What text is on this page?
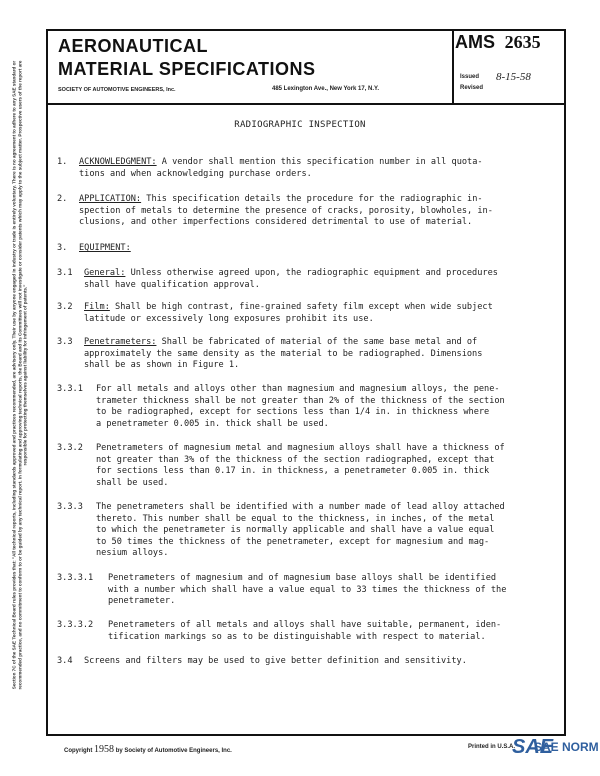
Section 7C of the SAE Technical Board rules provides that: "All technical reports, including standards approved and practices recommended, are advisory only. Their use by anyone engaged in industry or trade is entirely voluntary. There is no agreement to adhere to any SAE standard or recommended practice, and no commitment to conform to or be guided by any technical report. In formulating and approving technical reports, the Board and its Committees will not investigate or consider patents which may apply to the subject matter. Prospective users of the report are responsible for protecting themselves against liability for infringement of patents."
AERONAUTICAL
MATERIAL SPECIFICATIONS
SOCIETY OF AUTOMOTIVE ENGINEERS, Inc.	485 Lexington Ave., New York 17, N.Y.
AMS 2635
Issued 8-15-58
Revised
RADIOGRAPHIC INSPECTION
1. ACKNOWLEDGMENT: A vendor shall mention this specification number in all quota-
tions and when acknowledging purchase orders.
2. APPLICATION: This specification details the procedure for the radiographic in-
spection of metals to determine the presence of cracks, porosity, blowholes, in-
clusions, and other imperfections considered detrimental to use of material.
3. EQUIPMENT:
3.1 General: Unless otherwise agreed upon, the radiographic equipment and procedures
shall have qualification approval.
3.2 Film: Shall be high contrast, fine-grained safety film except when wide subject
latitude or excessively long exposures prohibit its use.
3.3 Penetrameters: Shall be fabricated of material of the same base metal and of
approximately the same density as the material to be radiographed. Dimensions
shall be as shown in Figure 1.
3.3.1 For all metals and alloys other than magnesium and magnesium alloys, the pene-
trameter thickness shall be not greater than 2% of the thickness of the section
to be radiographed, except for sections less than 1/4 in. in thickness where
a penetrameter 0.005 in. thick shall be used.
3.3.2 Penetrameters of magnesium metal and magnesium alloys shall have a thickness of
not greater than 3% of the thickness of the section radiographed, except that
for sections less than 0.17 in. in thickness, a penetrameter 0.005 in. thick
shall be used.
3.3.3 The penetrameters shall be identified with a number made of lead alloy attached
thereto. This number shall be equal to the thickness, in inches, of the metal
to which the penetrameter is normally applicable and shall have a value equal
to 50 times the thickness of the penetrameter, except for magnesium and mag-
nesium alloys.
3.3.3.1 Penetrameters of magnesium and of magnesium base alloys shall be identified
with a number which shall have a value equal to 33 times the thickness of the
penetrameter.
3.3.3.2 Penetrameters of all metals and alloys shall have suitable, permanent, iden-
tification markings so as to be distinguishable with respect to material.
3.4 Screens and filters may be used to give better definition and sensitivity.
Copyright 1958 by Society of Automotive Engineers, Inc.
Printed in U.S.A.
SAE
SAE NORM
